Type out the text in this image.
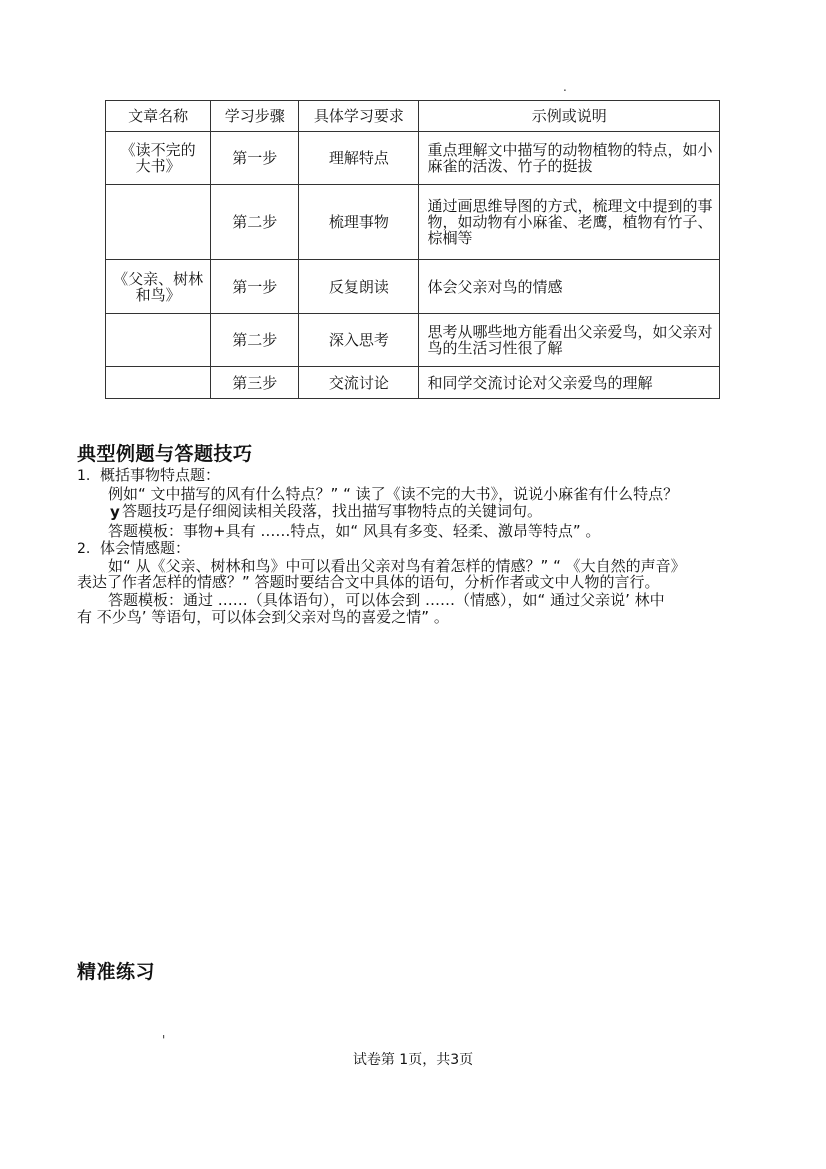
.
文章名称	学习步骤	具体学习要求	示例或说明
《读不完的大书》	第一步	理解特点	重点理解文中描写的动物植物的特点，如小麻雀的活泼、竹子的挺拔
	第二步	梳理事物	通过画思维导图的方式，梳理文中提到的事物，如动物有小麻雀、老鹰，植物有竹子、棕榈等
《父亲、树林和鸟》	第一步	反复朗读	体会父亲对鸟的情感
	第二步	深入思考	思考从哪些地方能看出父亲爱鸟，如父亲对鸟的生活习性很了解
	第三步	交流讨论	和同学交流讨论对父亲爱鸟的理解
典型例题与答题技巧
1. 概括事物特点题：
例如“ 文中描写的风有什么特点？” “ 读了《读不完的大书》，说说小麻雀有什么特点？
y 答题技巧是仔细阅读相关段落，找出描写事物特点的关键词句。
答题模板：事物+具有 ……特点，如“ 风具有多变、轻柔、激昂等特点” 。
2. 体会情感题：
如“ 从《父亲、树林和鸟》中可以看出父亲对鸟有着怎样的情感？” “ 《大自然的声音》
表达了作者怎样的情感？” 答题时要结合文中具体的语句，分析作者或文中人物的言行。
答题模板：通过 ……（具体语句），可以体会到 ……（情感），如“ 通过父亲说’ 林中
有 不少鸟’ 等语句，可以体会到父亲对鸟的喜爱之情” 。
精准练习
'
试卷第 1页，共3页
